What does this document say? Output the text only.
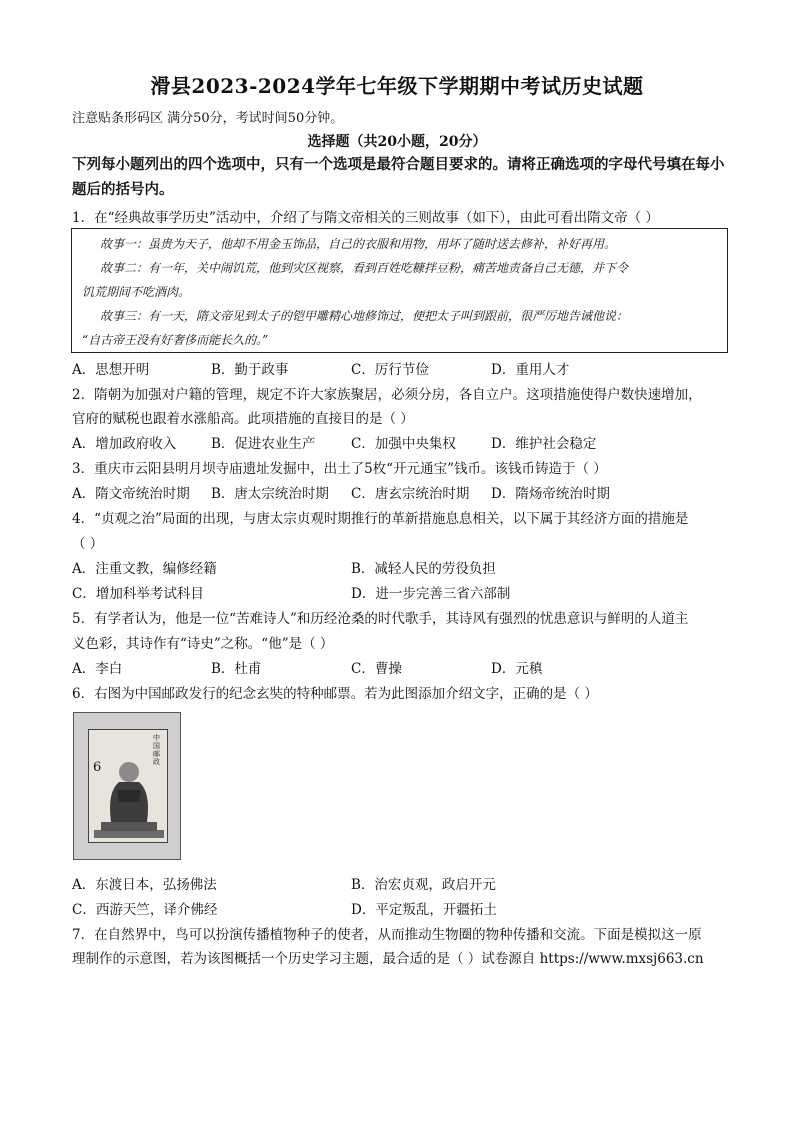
滑县2023-2024学年七年级下学期期中考试历史试题
注意贴条形码区 满分50分，考试时间50分钟。
选择题（共20小题，20分）
下列每小题列出的四个选项中，只有一个选项是最符合题目要求的。请将正确选项的字母代号填在每小题后的括号内。
1．在“经典故事学历史”活动中，介绍了与隋文帝相关的三则故事（如下），由此可看出隋文帝（ ）
故事一：虽贵为天子，他却不用金玉饰品，自己的衣服和用物，用坏了随时送去修补，补好再用。
故事二：有一年，关中闹饥荒，他到灾区视察，看到百姓吃糠拌豆粉，痛苦地责备自己无德，并下令
饥荒期间不吃酒肉。
故事三：有一天，隋文帝见到太子的铠甲雕精心地修饰过，便把太子叫到跟前，很严厉地告诫他说：
“自古帝王没有好奢侈而能长久的。”
A．思想开明	B．勤于政事	C．厉行节俭	D．重用人才
2．隋朝为加强对户籍的管理，规定不许大家族聚居，必须分房，各自立户。这项措施使得户数快速增加，
官府的赋税也跟着水涨船高。此项措施的直接目的是（ ）
A．增加政府收入	B．促进农业生产	C．加强中央集权	D．维护社会稳定
3．重庆市云阳县明月坝寺庙遗址发掘中，出土了5枚“开元通宝”钱币。该钱币铸造于（ ）
A．隋文帝统治时期 B．唐太宗统治时期 C．唐玄宗统治时期 D．隋炀帝统治时期
4．“贞观之治”局面的出现，与唐太宗贞观时期推行的革新措施息息相关，以下属于其经济方面的措施是
（ ）
A．注重文教，编修经籍	B．减轻人民的劳役负担
C．增加科举考试科目	D．进一步完善三省六部制
5．有学者认为，他是一位“苦难诗人”和历经沧桑的时代歌手，其诗风有强烈的忧患意识与鲜明的人道主
义色彩，其诗作有“诗史”之称。“他”是（ ）
A．李白	B．杜甫	C．曹操	D．元稹
6．右图为中国邮政发行的纪念玄奘的特种邮票。若为此图添加介绍文字，正确的是（ ）
6
中国邮政
A．东渡日本，弘扬佛法	B．治宏贞观，政启开元
C．西游天竺，译介佛经	D．平定叛乱，开疆拓土
7．在自然界中，鸟可以扮演传播植物种子的使者，从而推动生物圈的物种传播和交流。下面是模拟这一原
理制作的示意图，若为该图概括一个历史学习主题，最合适的是（ ）试卷源自 https://www.mxsj663.cn
